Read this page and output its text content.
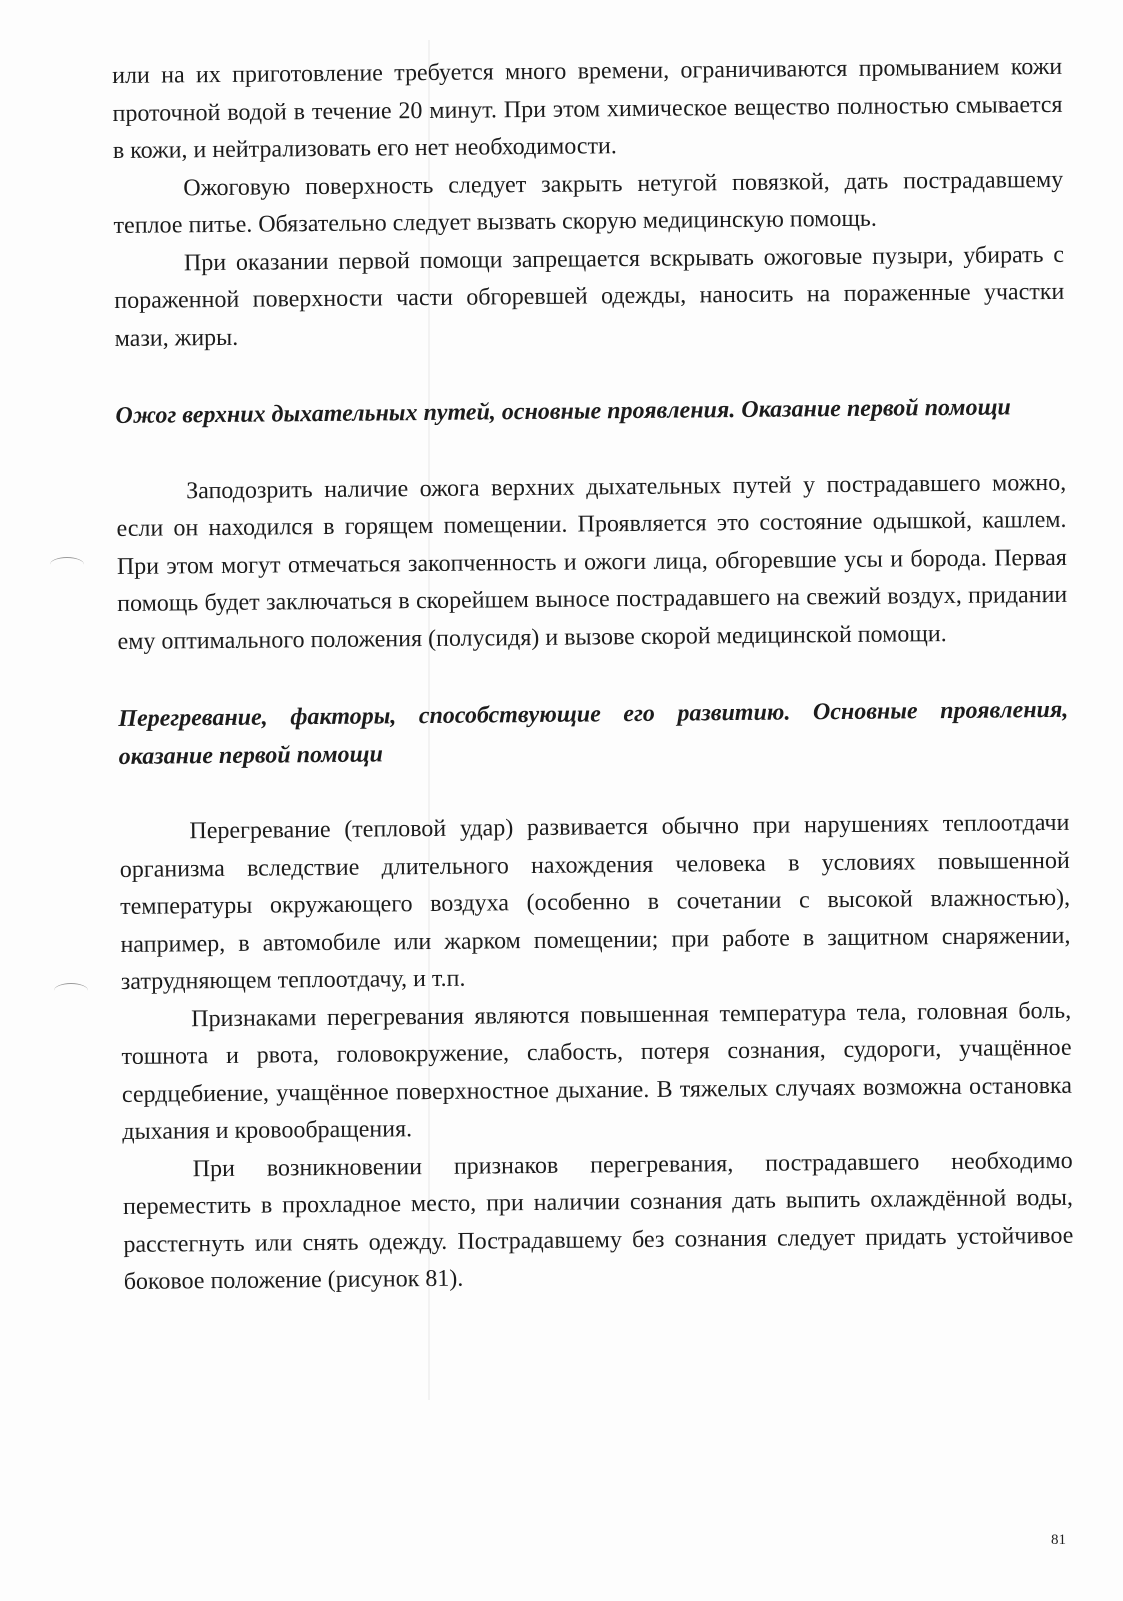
или на их приготовление требуется много времени, ограничиваются промыванием кожи проточной водой в течение 20 минут. При этом химическое вещество полностью смывается в кожи, и нейтрализовать его нет необходимости.

Ожоговую поверхность следует закрыть нетугой повязкой, дать пострадавшему теплое питье. Обязательно следует вызвать скорую медицинскую помощь.

При оказании первой помощи запрещается вскрывать ожоговые пузыри, убирать с пораженной поверхности части обгоревшей одежды, наносить на пораженные участки мази, жиры.

Ожог верхних дыхательных путей, основные проявления. Оказание первой помощи

Заподозрить наличие ожога верхних дыхательных путей у пострадавшего можно, если он находился в горящем помещении. Проявляется это состояние одышкой, кашлем. При этом могут отмечаться закопченность и ожоги лица, обгоревшие усы и борода. Первая помощь будет заключаться в скорейшем выносе пострадавшего на свежий воздух, придании ему оптимального положения (полусидя) и вызове скорой медицинской помощи.

Перегревание, факторы, способствующие его развитию. Основные проявления, оказание первой помощи

Перегревание (тепловой удар) развивается обычно при нарушениях теплоотдачи организма вследствие длительного нахождения человека в условиях повышенной температуры окружающего воздуха (особенно в сочетании с высокой влажностью), например, в автомобиле или жарком помещении; при работе в защитном снаряжении, затрудняющем теплоотдачу, и т.п.

Признаками перегревания являются повышенная температура тела, головная боль, тошнота и рвота, головокружение, слабость, потеря сознания, судороги, учащённое сердцебиение, учащённое поверхностное дыхание. В тяжелых случаях возможна остановка дыхания и кровообращения.

При возникновении признаков перегревания, пострадавшего необходимо переместить в прохладное место, при наличии сознания дать выпить охлаждённой воды, расстегнуть или снять одежду. Пострадавшему без сознания следует придать устойчивое боковое положение (рисунок 81).

81
